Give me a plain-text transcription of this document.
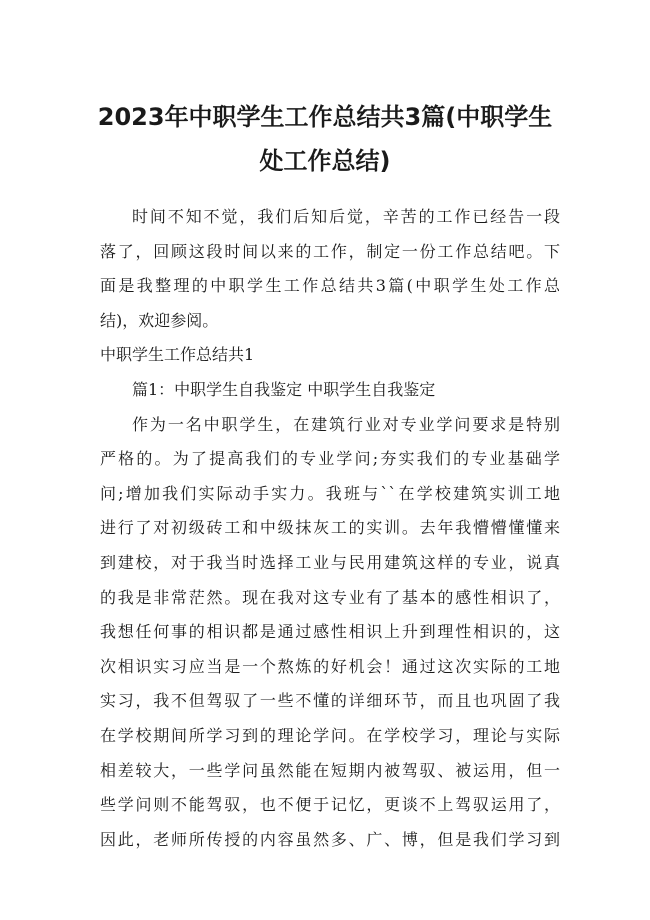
2023年中职学生工作总结共3篇(中职学生
处工作总结)
时间不知不觉，我们后知后觉，辛苦的工作已经告一段
落了，回顾这段时间以来的工作，制定一份工作总结吧。下
面是我整理的中职学生工作总结共3篇(中职学生处工作总
结)，欢迎参阅。
中职学生工作总结共1
篇1：中职学生自我鉴定 中职学生自我鉴定
作为一名中职学生，在建筑行业对专业学问要求是特别
严格的。为了提高我们的专业学问;夯实我们的专业基础学
问;增加我们实际动手实力。我班与``在学校建筑实训工地
进行了对初级砖工和中级抹灰工的实训。去年我懵懵懂懂来
到建校，对于我当时选择工业与民用建筑这样的专业，说真
的我是非常茫然。现在我对这专业有了基本的感性相识了，
我想任何事的相识都是通过感性相识上升到理性相识的，这
次相识实习应当是一个熬炼的好机会！通过这次实际的工地
实习，我不但驾驭了一些不懂的详细环节，而且也巩固了我
在学校期间所学习到的理论学问。在学校学习，理论与实际
相差较大，一些学问虽然能在短期内被驾驭、被运用，但一
些学问则不能驾驭，也不便于记忆，更谈不上驾驭运用了，
因此，老师所传授的内容虽然多、广、博，但是我们学习到
